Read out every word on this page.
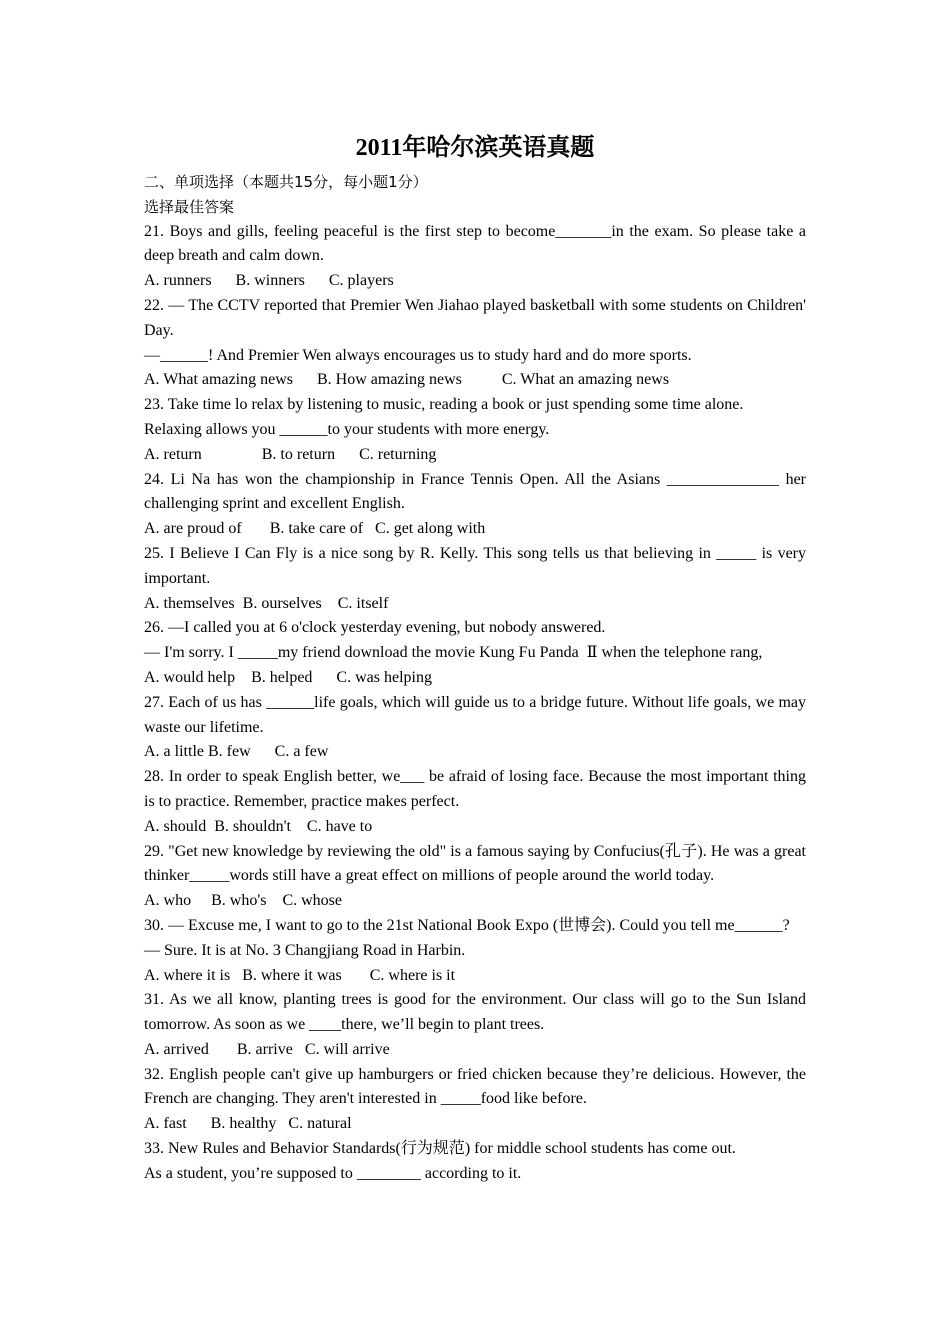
2011年哈尔滨英语真题
二、单项选择（本题共15分，每小题1分）
选择最佳答案
21. Boys and gills, feeling peaceful is the first step to become_______in the exam. So please take a deep breath and calm down.
A. runners      B. winners      C. players
22. — The CCTV reported that Premier Wen Jiahao played basketball with some students on Children' Day.
—______! And Premier Wen always encourages us to study hard and do more sports.
A. What amazing news      B. How amazing news          C. What an amazing news
23. Take time lo relax by listening to music, reading a book or just spending some time alone.
Relaxing allows you ______to your students with more energy.
A. return               B. to return      C. returning
24. Li Na has won the championship in France Tennis Open. All the Asians ______________ her challenging sprint and excellent English.
A. are proud of       B. take care of   C. get along with
25. I Believe I Can Fly is a nice song by R. Kelly. This song tells us that believing in _____ is very important.
A. themselves  B. ourselves    C. itself
26. —I called you at 6 o'clock yesterday evening, but nobody answered.
— I'm sorry. I _____my friend download the movie Kung Fu Panda  Ⅱ when the telephone rang,
A. would help    B. helped      C. was helping
27. Each of us has ______life goals, which will guide us to a bridge future. Without life goals, we may waste our lifetime.
A. a little B. few      C. a few
28. In order to speak English better, we___ be afraid of losing face. Because the most important thing is to practice. Remember, practice makes perfect.
A. should  B. shouldn't    C. have to
29. "Get new knowledge by reviewing the old" is a famous saying by Confucius(孔子). He was a great thinker_____words still have a great effect on millions of people around the world today.
A. who     B. who's    C. whose
30. — Excuse me, I want to go to the 21st National Book Expo (世博会). Could you tell me______?
— Sure. It is at No. 3 Changjiang Road in Harbin.
A. where it is   B. where it was       C. where is it
31. As we all know, planting trees is good for the environment. Our class will go to the Sun Island tomorrow. As soon as we ____there, we’ll begin to plant trees.
A. arrived       B. arrive   C. will arrive
32. English people can't give up hamburgers or fried chicken because they’re delicious. However, the French are changing. They aren't interested in _____food like before.
A. fast      B. healthy   C. natural
33. New Rules and Behavior Standards(行为规范) for middle school students has come out.
As a student, you’re supposed to ________ according to it.
